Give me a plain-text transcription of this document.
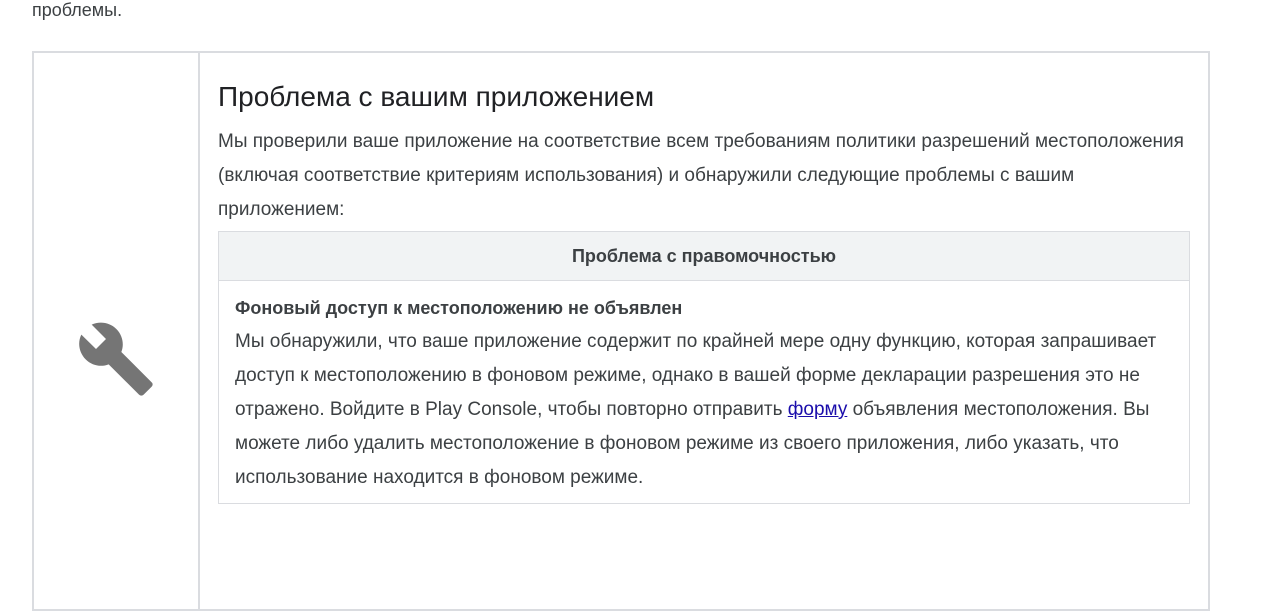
проблемы.
Проблема с вашим приложением

Мы проверили ваше приложение на соответствие всем требованиям политики разрешений местоположения (включая соответствие критериям использования) и обнаружили следующие проблемы с вашим приложением:

Проблема с правомочностью
Фоновый доступ к местоположению не объявлен
Мы обнаружили, что ваше приложение содержит по крайней мере одну функцию, которая запрашивает доступ к местоположению в фоновом режиме, однако в вашей форме декларации разрешения это не отражено. Войдите в Play Console, чтобы повторно отправить форму объявления местоположения. Вы можете либо удалить местоположение в фоновом режиме из своего приложения, либо указать, что использование находится в фоновом режиме.
